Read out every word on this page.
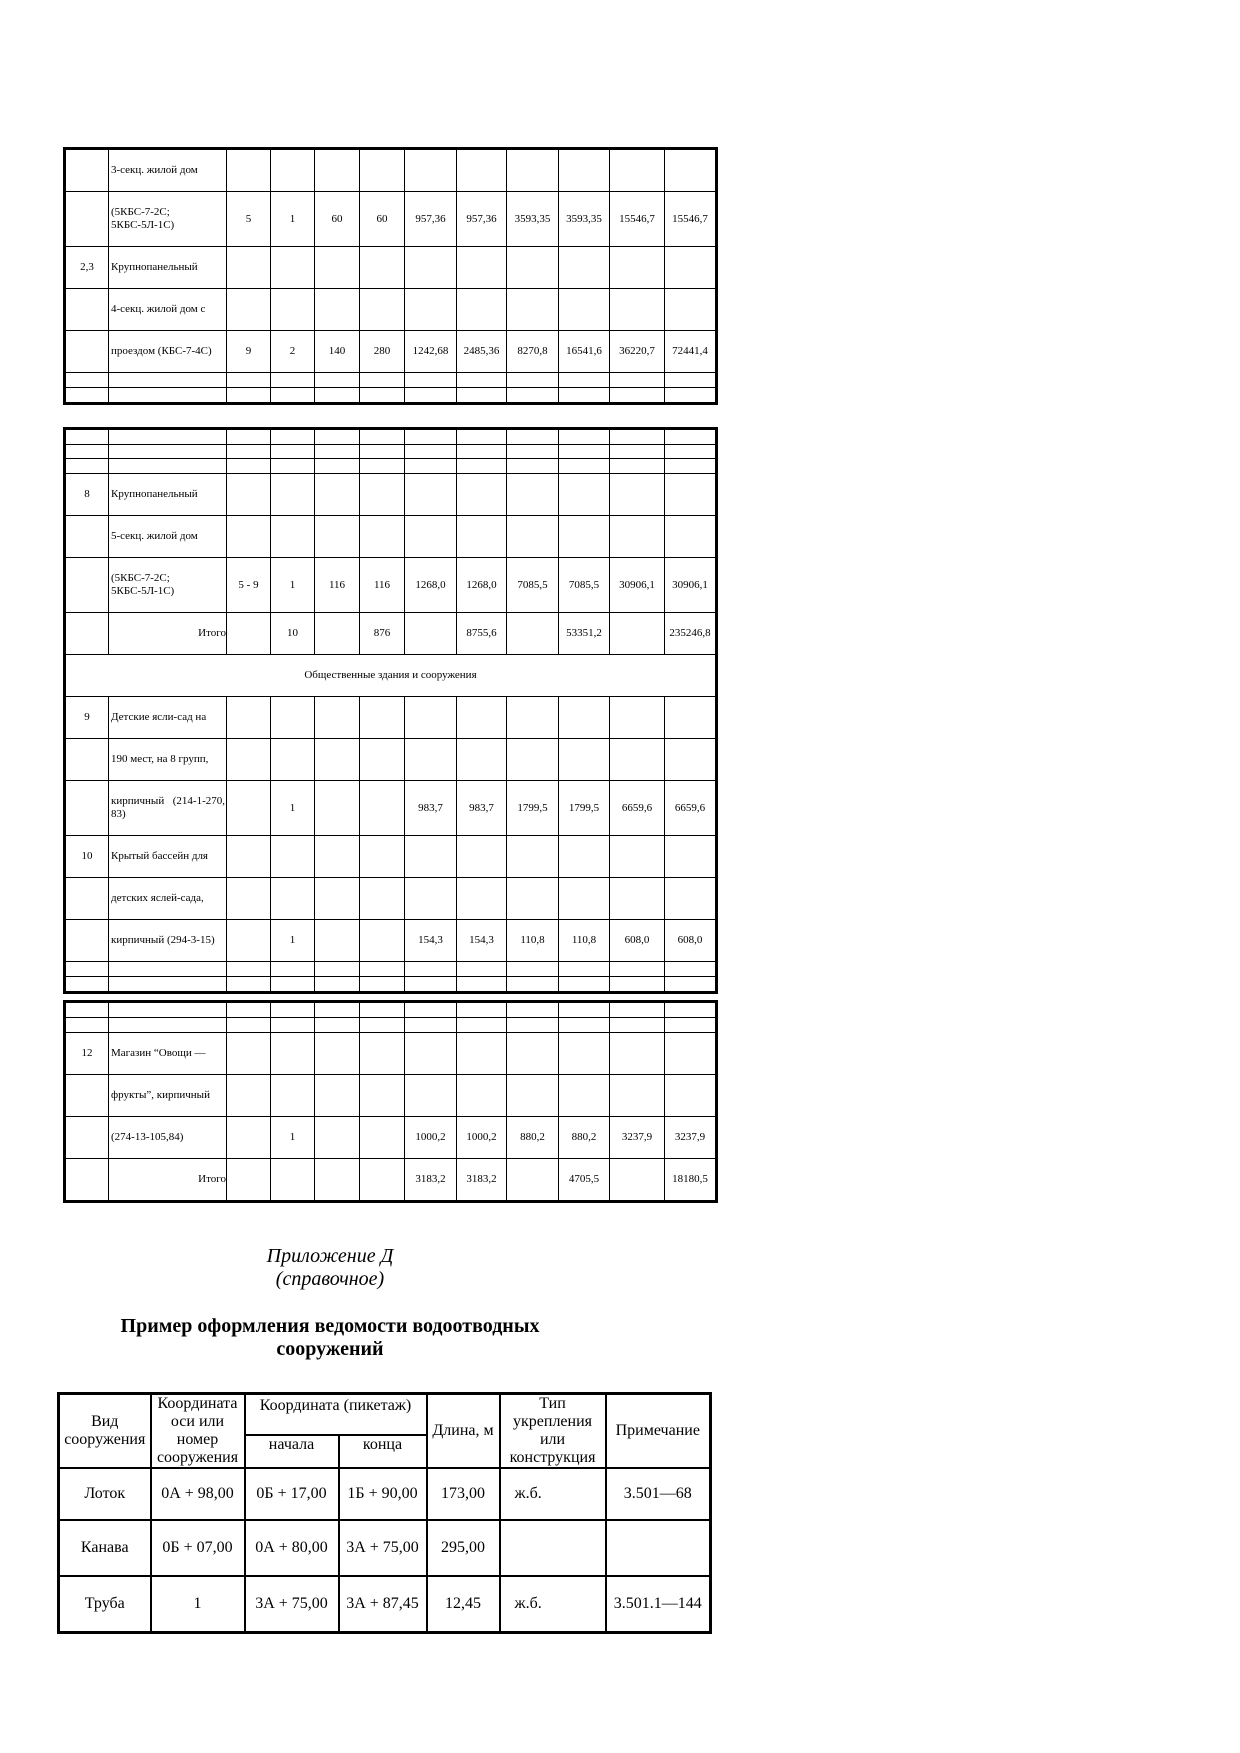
	3-секц. жилой дом										
	(5КБС-7-2С; 5КБС-5Л-1С)	5	1	60	60	957,36	957,36	3593,35	3593,35	15546,7	15546,7
2,3	Крупнопанельный										
	4-секц. жилой дом с										
	проездом (КБС-7-4С)	9	2	140	280	1242,68	2485,36	8270,8	16541,6	36220,7	72441,4

8	Крупнопанельный										
	5-секц. жилой дом										
	(5КБС-7-2С; 5КБС-5Л-1С)	5 - 9	1	116	116	1268,0	1268,0	7085,5	7085,5	30906,1	30906,1
	Итого		10		876		8755,6		53351,2		235246,8
Общественные здания и сооружения											
9	Детские ясли-сад на										
	190 мест, на 8 групп,										
	кирпичный (214-1-270, 83)		1			983,7	983,7	1799,5	1799,5	6659,6	6659,6
10	Крытый бассейн для										
	детских яслей-сада,										
	кирпичный (294-3-15)		1			154,3	154,3	110,8	110,8	608,0	608,0

12	Магазин “Овощи —										
	фрукты”, кирпичный										
	(274-13-105,84)		1			1000,2	1000,2	880,2	880,2	3237,9	3237,9
	Итого					3183,2	3183,2		4705,5		18180,5
Приложение Д
(справочное)
Пример оформления ведомости водоотводных
сооружений
Вид сооружения	Координата оси или номер сооружения	Координата (пикетаж)		Длина, м	Тип укрепления или конструкция	Примечание
		начала	конца			
Лоток	0А + 98,00	0Б + 17,00	1Б + 90,00	173,00	ж.б.	3.501—68
Канава	0Б + 07,00	0А + 80,00	3А + 75,00	295,00		
Труба	1	3А + 75,00	3А + 87,45	12,45	ж.б.	3.501.1—144
